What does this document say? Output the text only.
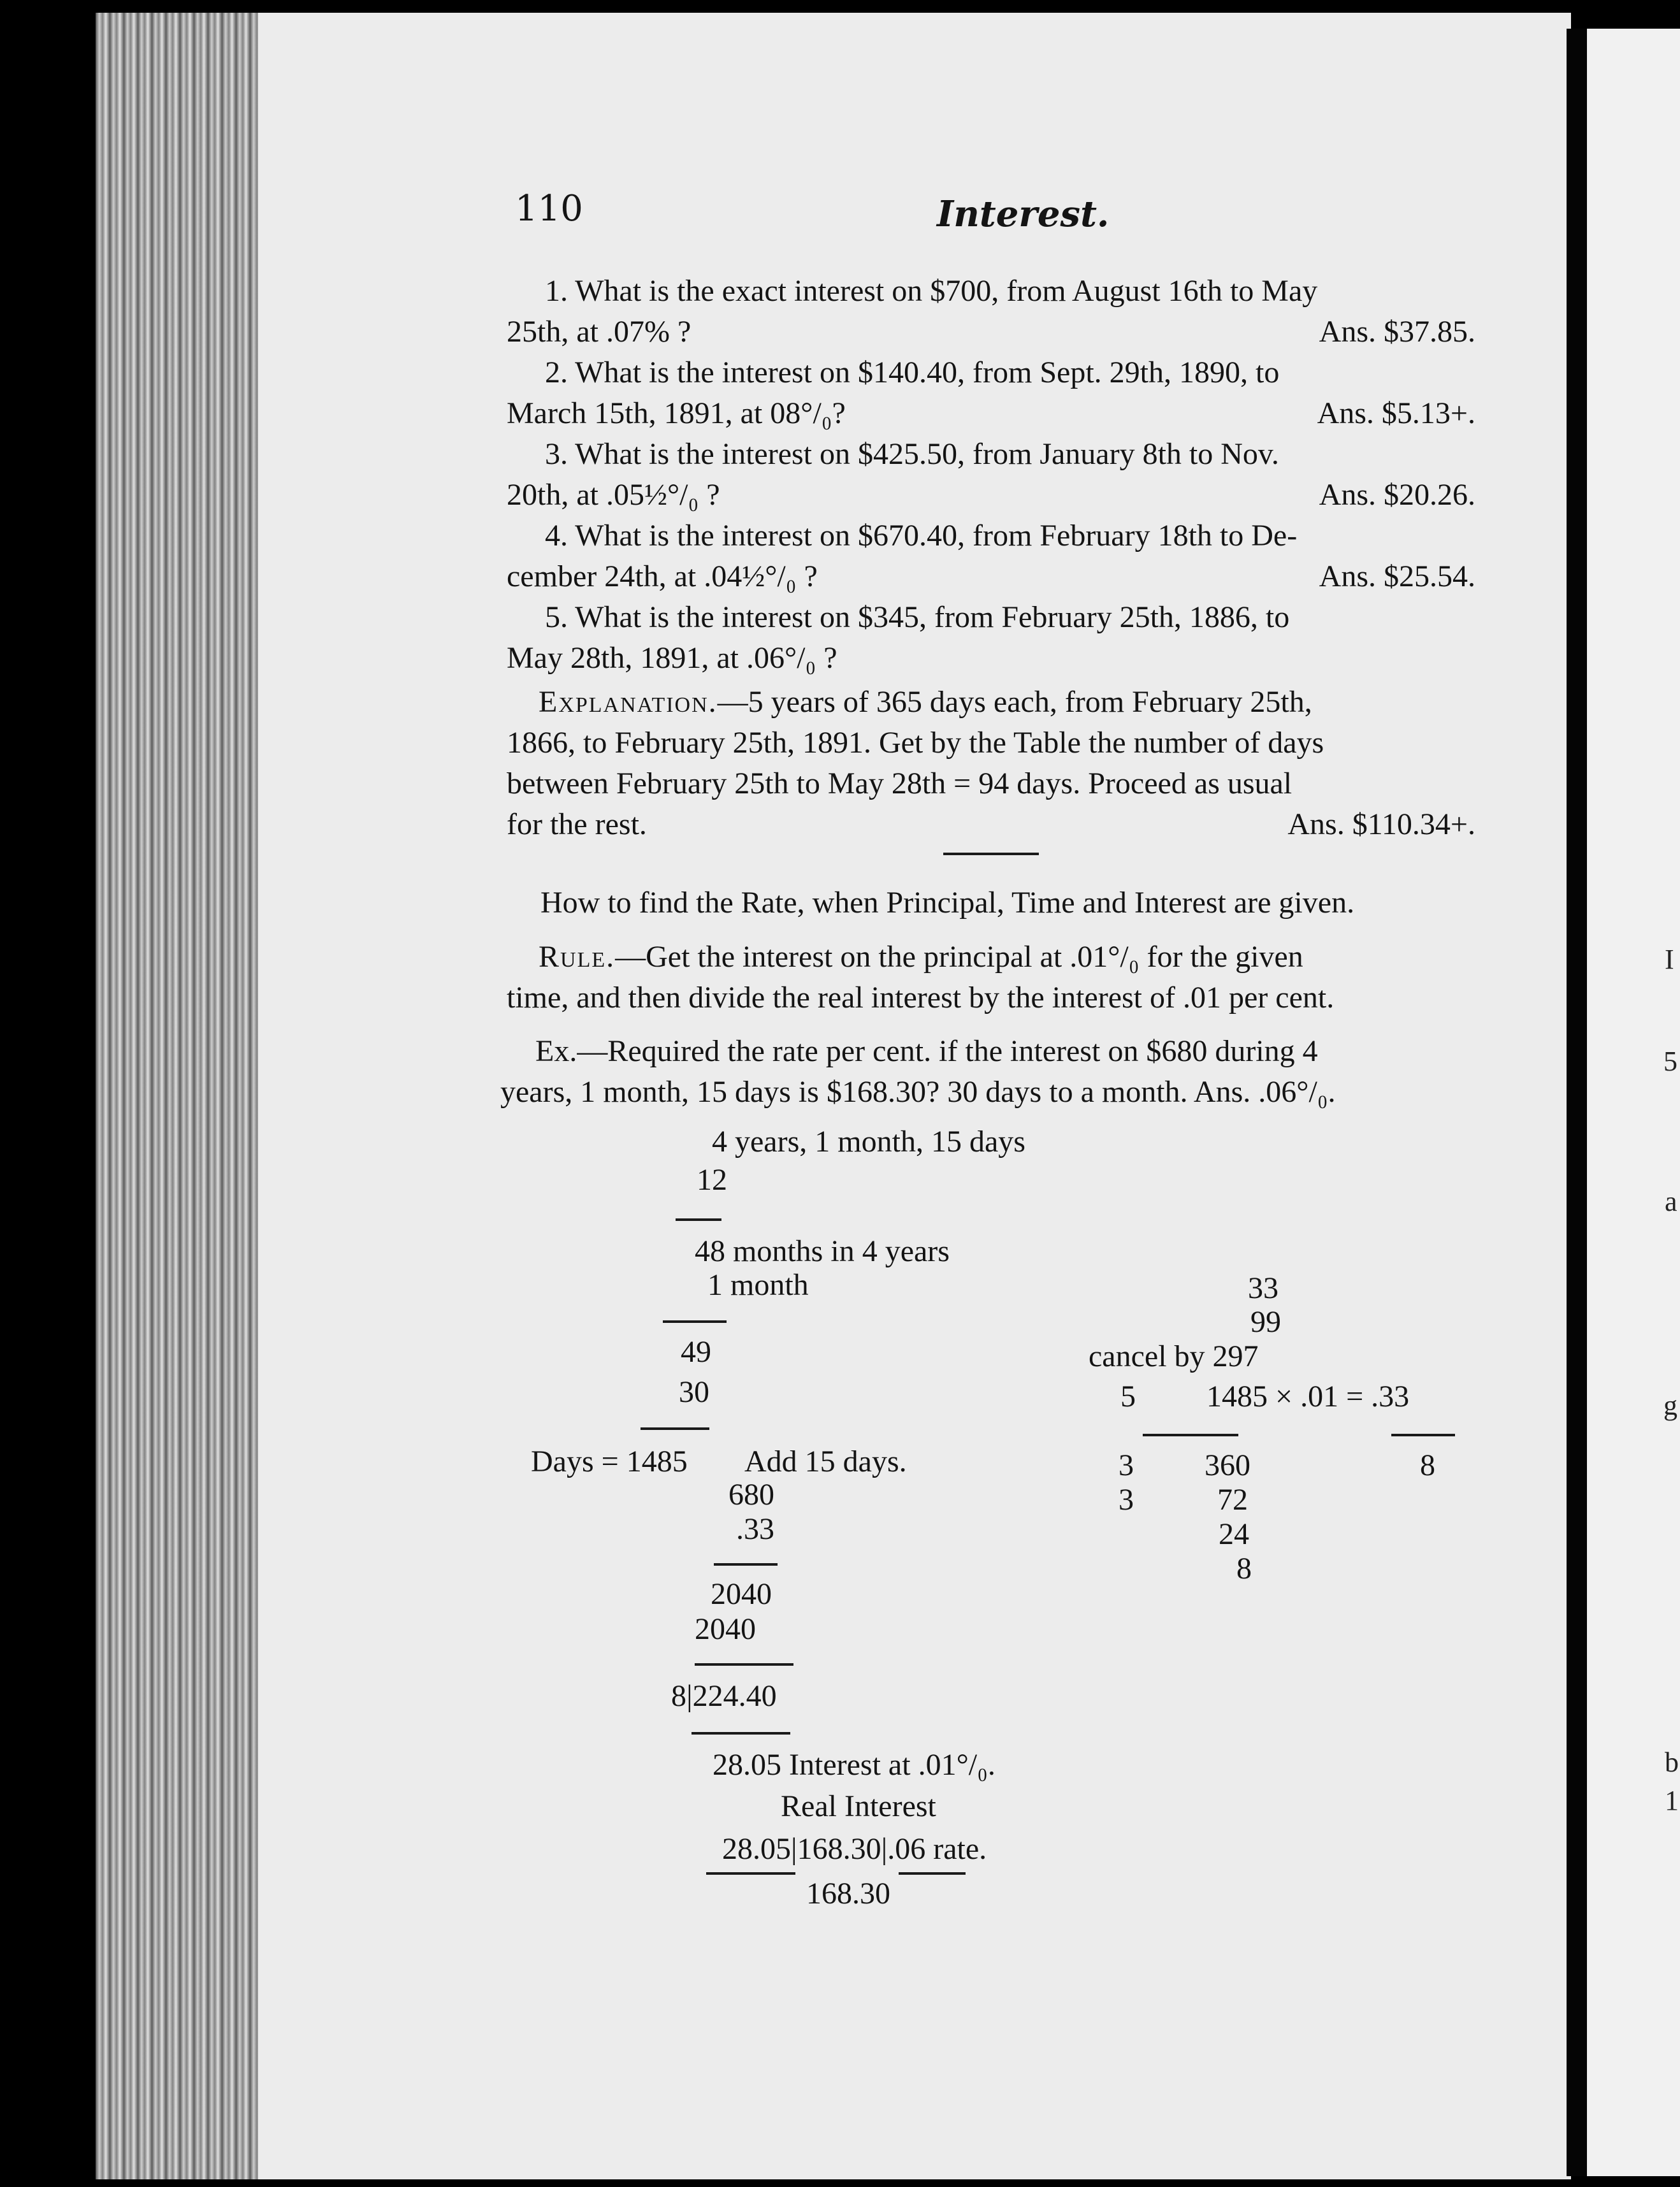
110	Interest.
1. What is the exact interest on $700, from August 16th to May
25th, at .07% ?	Ans. $37.85.
2. What is the interest on $140.40, from Sept. 29th, 1890, to
March 15th, 1891, at 08°/₀?	Ans. $5.13+.
3. What is the interest on $425.50, from January 8th to Nov.
20th, at .05½°/₀ ?	Ans. $20.26.
4. What is the interest on $670.40, from February 18th to De-
cember 24th, at .04½°/₀ ?	Ans. $25.54.
5. What is the interest on $345, from February 25th, 1886, to
May 28th, 1891, at .06°/₀ ?
Explanation.—5 years of 365 days each, from February 25th,
1866, to February 25th, 1891. Get by the Table the number of days
between February 25th to May 28th = 94 days. Proceed as usual
for the rest.	Ans. $110.34+.
How to find the Rate, when Principal, Time and Interest are given.
Rule.—Get the interest on the principal at .01°/₀ for the given
time, and then divide the real interest by the interest of .01 per cent.
Ex.—Required the rate per cent. if the interest on $680 during 4
years, 1 month, 15 days is $168.30? 30 days to a month. Ans. .06°/₀.
4 years, 1 month, 15 days
12
48 months in 4 years
1 month
49
30
Days = 1485 Add 15 days.
680
.33
2040
2040
8|224.40
28.05 Interest at .01°/₀.
Real Interest
28.05|168.30|.06 rate.
168.30
33
99
cancel by 297
5 1485 × .01 = .33
3 360	8
3	72
24
8
I
5
a
g
b
1
